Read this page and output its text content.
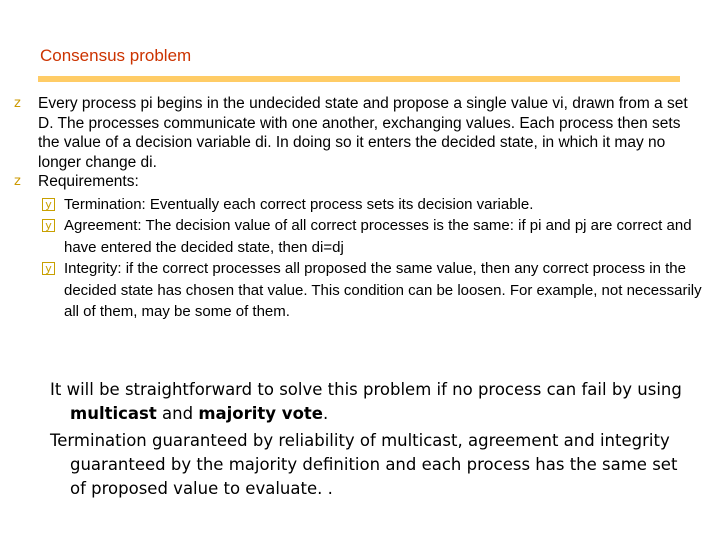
Consensus problem
z	Every process pi begins in the undecided state and propose a single value vi, drawn from a set D. The processes communicate with one another, exchanging values. Each process then sets the value of a decision variable di. In doing so it enters the decided state, in which it may no longer change di.
z	Requirements:
y Termination: Eventually each correct process sets its decision variable.
y Agreement: The decision value of all correct processes is the same: if pi and pj are correct and have entered the decided state, then di=dj
y Integrity: if the correct processes all proposed the same value, then any correct process in the decided state has chosen that value. This condition can be loosen. For example, not necessarily all of them, may be some of them.

It will be straightforward to solve this problem if no process can fail by using multicast and majority vote.

Termination guaranteed by reliability of multicast, agreement and integrity guaranteed by the majority definition and each process has the same set of proposed value to evaluate. .
